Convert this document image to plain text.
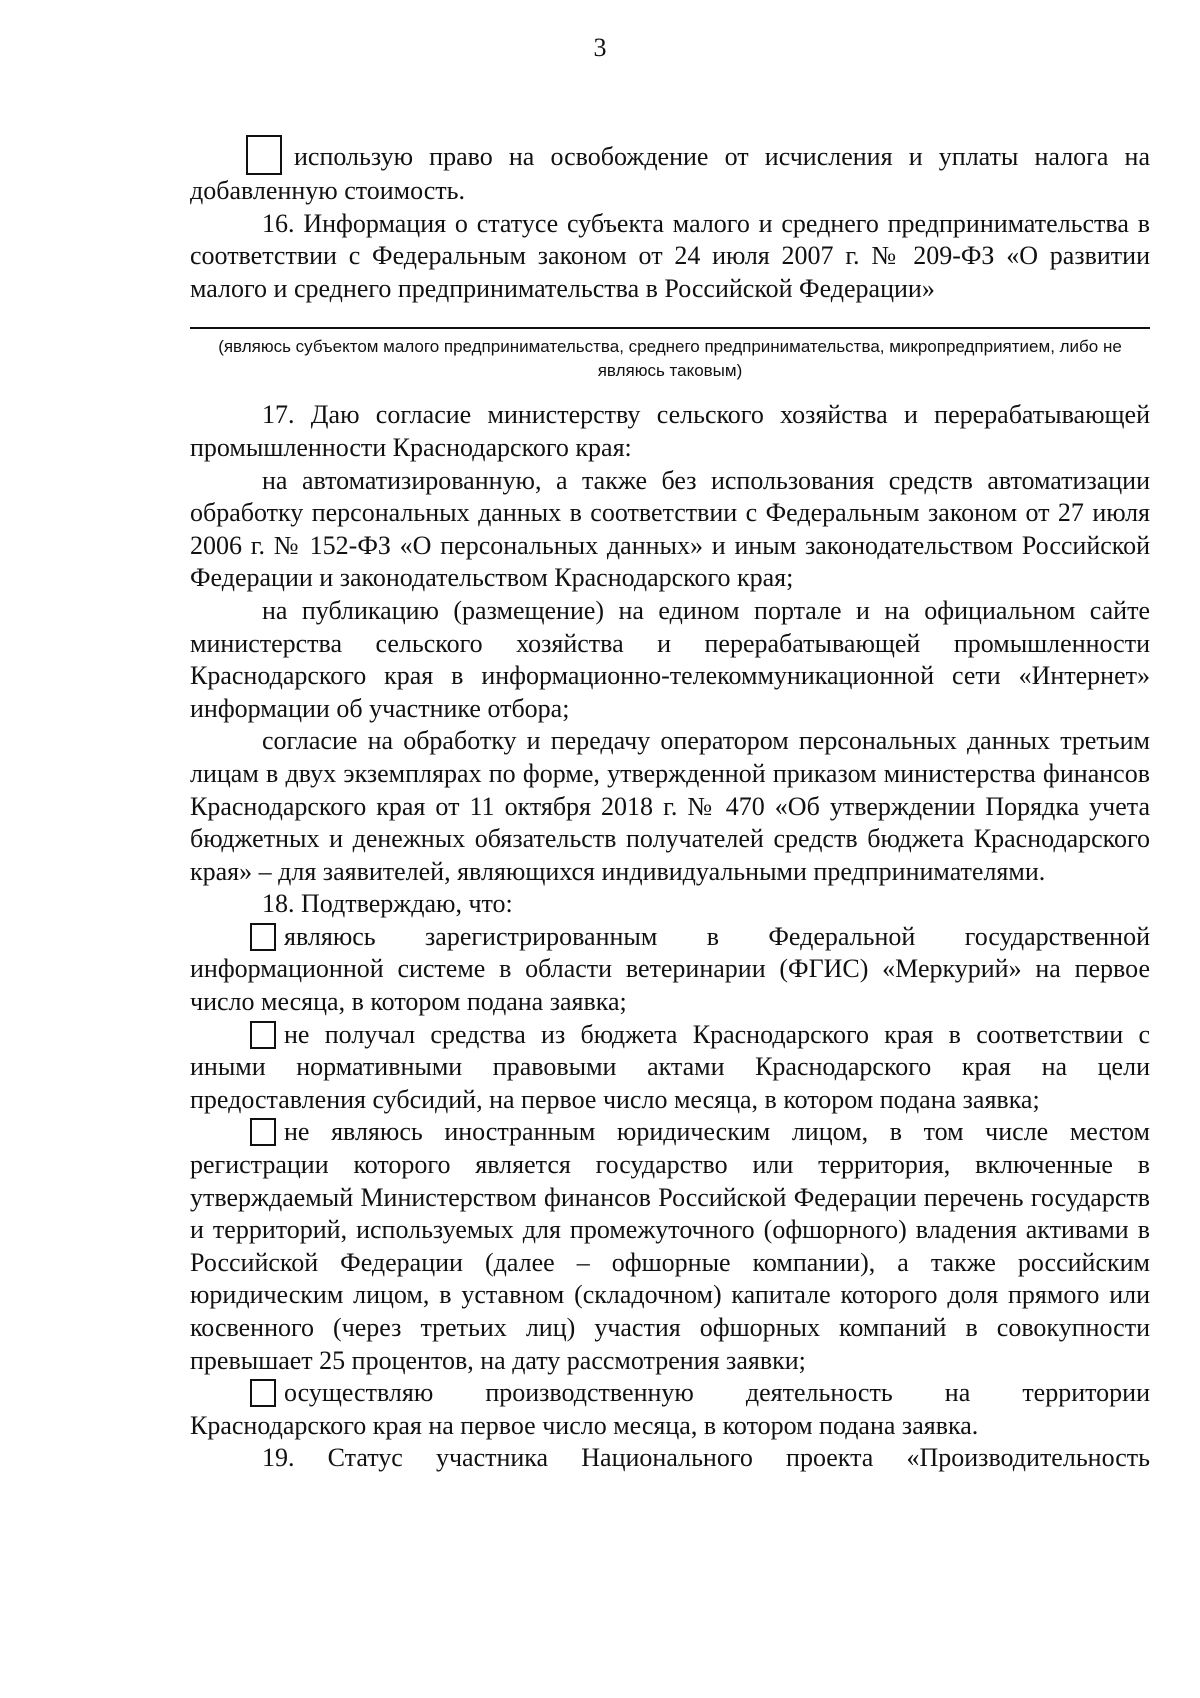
3

использую право на освобождение от исчисления и уплаты налога на добавленную стоимость.

16. Информация о статусе субъекта малого и среднего предпринимательства в соответствии с Федеральным законом от 24 июля 2007 г. № 209-ФЗ «О развитии малого и среднего предпринимательства в Российской Федерации»

(являюсь субъектом малого предпринимательства, среднего предпринимательства, микропредприятием, либо не являюсь таковым)

17. Даю согласие министерству сельского хозяйства и перерабатывающей промышленности Краснодарского края:

на автоматизированную, а также без использования средств автоматизации обработку персональных данных в соответствии с Федеральным законом от 27 июля 2006 г. № 152-ФЗ «О персональных данных» и иным законодательством Российской Федерации и законодательством Краснодарского края;

на публикацию (размещение) на едином портале и на официальном сайте министерства сельского хозяйства и перерабатывающей промышленности Краснодарского края в информационно-телекоммуникационной сети «Интернет» информации об участнике отбора;

согласие на обработку и передачу оператором персональных данных третьим лицам в двух экземплярах по форме, утвержденной приказом министерства финансов Краснодарского края от 11 октября 2018 г. № 470 «Об утверждении Порядка учета бюджетных и денежных обязательств получателей средств бюджета Краснодарского края» – для заявителей, являющихся индивидуальными предпринимателями.

18. Подтверждаю, что:

являюсь зарегистрированным в Федеральной государственной информационной системе в области ветеринарии (ФГИС) «Меркурий» на первое число месяца, в котором подана заявка;

не получал средства из бюджета Краснодарского края в соответствии с иными нормативными правовыми актами Краснодарского края на цели предоставления субсидий, на первое число месяца, в котором подана заявка;

не являюсь иностранным юридическим лицом, в том числе местом регистрации которого является государство или территория, включенные в утверждаемый Министерством финансов Российской Федерации перечень государств и территорий, используемых для промежуточного (офшорного) владения активами в Российской Федерации (далее – офшорные компании), а также российским юридическим лицом, в уставном (складочном) капитале которого доля прямого или косвенного (через третьих лиц) участия офшорных компаний в совокупности превышает 25 процентов, на дату рассмотрения заявки;

осуществляю производственную деятельность на территории Краснодарского края на первое число месяца, в котором подана заявка.

19. Статус участника Национального проекта «Производительность
